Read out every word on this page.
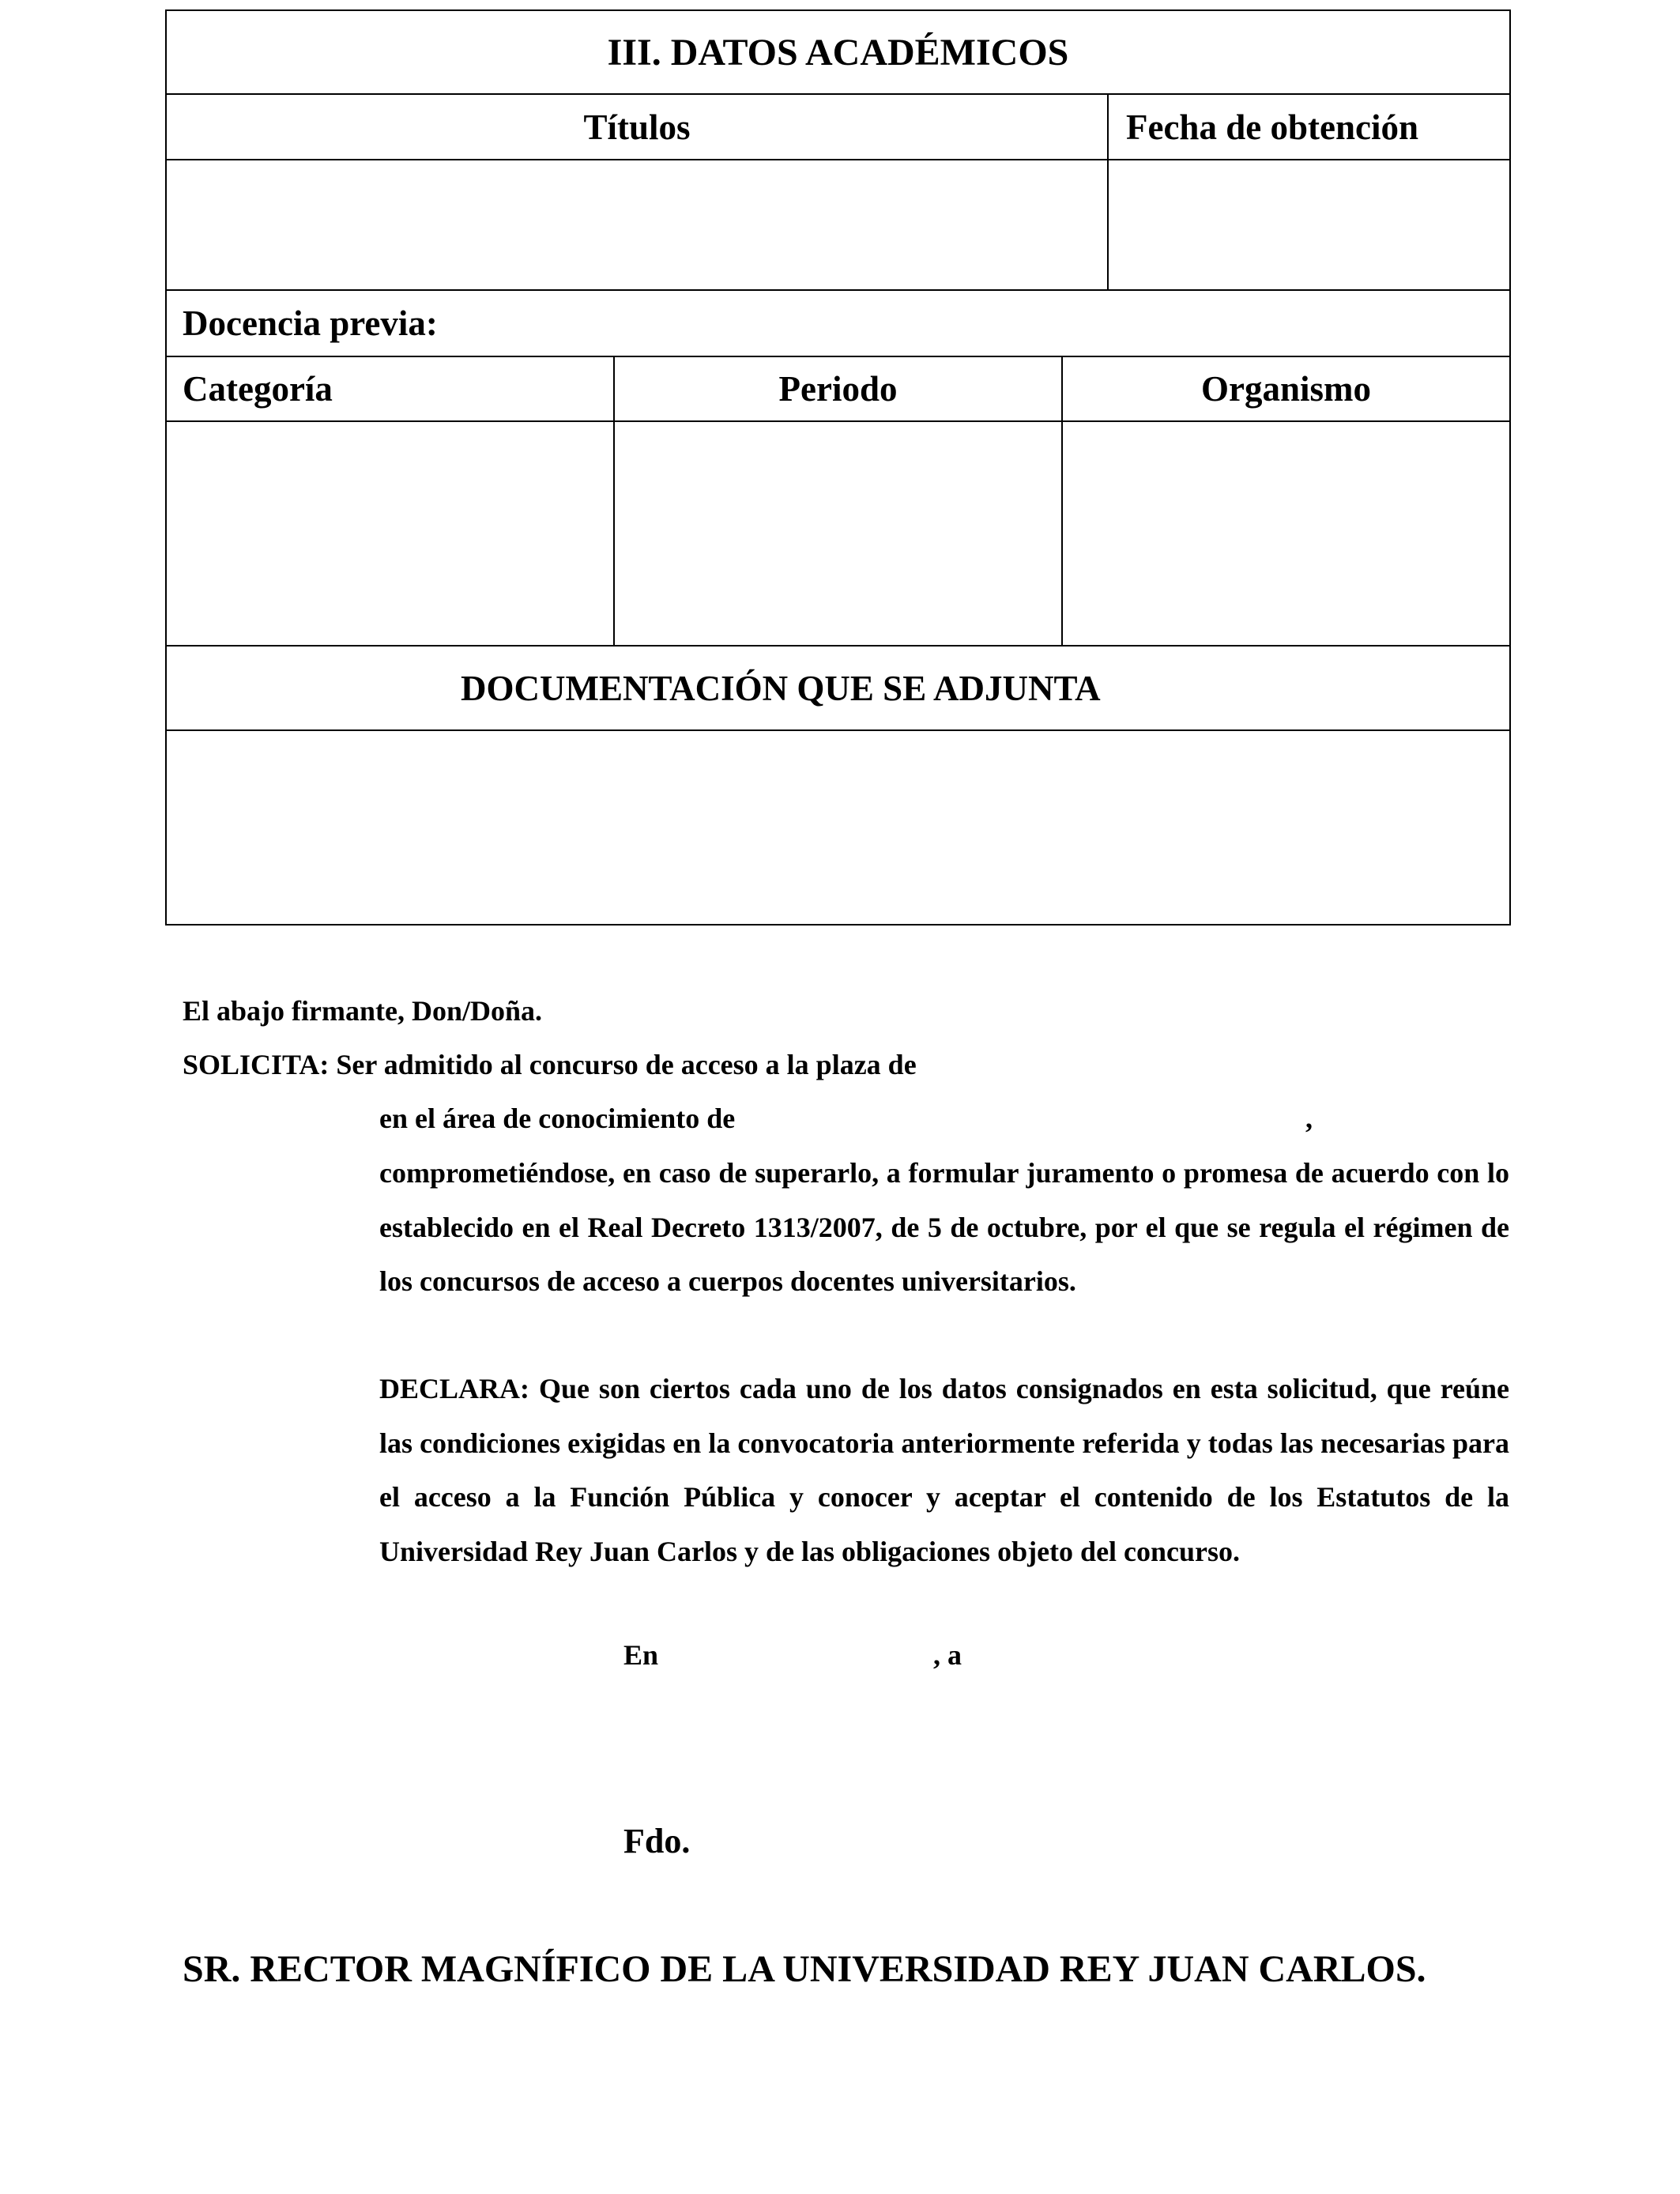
III. DATOS ACADÉMICOS
Títulos	Fecha de obtención
Docencia previa:
Categoría	Periodo	Organismo
DOCUMENTACIÓN QUE SE ADJUNTA
El abajo firmante, Don/Doña.
SOLICITA: Ser admitido al concurso de acceso a la plaza de
en el área de conocimiento de	,
comprometiéndose, en caso de superarlo, a formular juramento o promesa de acuerdo con lo establecido en el Real Decreto 1313/2007, de 5 de octubre, por el que se regula el régimen de los concursos de acceso a cuerpos docentes universitarios.
DECLARA: Que son ciertos cada uno de los datos consignados en esta solicitud, que reúne las condiciones exigidas en la convocatoria anteriormente referida y todas las necesarias para el acceso a la Función Pública y conocer y aceptar el contenido de los Estatutos de la Universidad Rey Juan Carlos y de las obligaciones objeto del concurso.
En	, a
Fdo.
SR. RECTOR MAGNÍFICO DE LA UNIVERSIDAD REY JUAN CARLOS.
